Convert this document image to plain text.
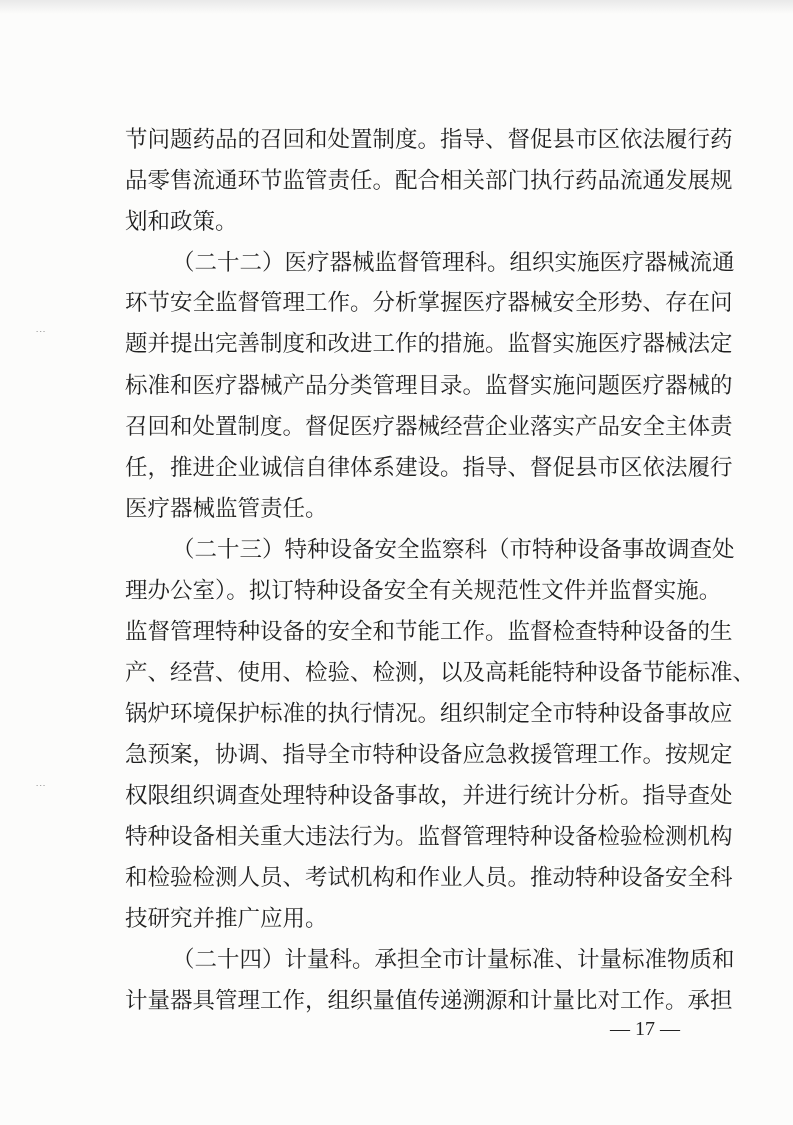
⋮
⋮
节问题药品的召回和处置制度。指导、督促县市区依法履行药
品零售流通环节监管责任。配合相关部门执行药品流通发展规
划和政策。
（二十二）医疗器械监督管理科。组织实施医疗器械流通
环节安全监督管理工作。分析掌握医疗器械安全形势、存在问
题并提出完善制度和改进工作的措施。监督实施医疗器械法定
标准和医疗器械产品分类管理目录。监督实施问题医疗器械的
召回和处置制度。督促医疗器械经营企业落实产品安全主体责
任，推进企业诚信自律体系建设。指导、督促县市区依法履行
医疗器械监管责任。
（二十三）特种设备安全监察科（市特种设备事故调查处
理办公室）。拟订特种设备安全有关规范性文件并监督实施。
监督管理特种设备的安全和节能工作。监督检查特种设备的生
产、经营、使用、检验、检测，以及高耗能特种设备节能标准、
锅炉环境保护标准的执行情况。组织制定全市特种设备事故应
急预案，协调、指导全市特种设备应急救援管理工作。按规定
权限组织调查处理特种设备事故，并进行统计分析。指导查处
特种设备相关重大违法行为。监督管理特种设备检验检测机构
和检验检测人员、考试机构和作业人员。推动特种设备安全科
技研究并推广应用。
（二十四）计量科。承担全市计量标准、计量标准物质和
计量器具管理工作，组织量值传递溯源和计量比对工作。承担
— 17 —
